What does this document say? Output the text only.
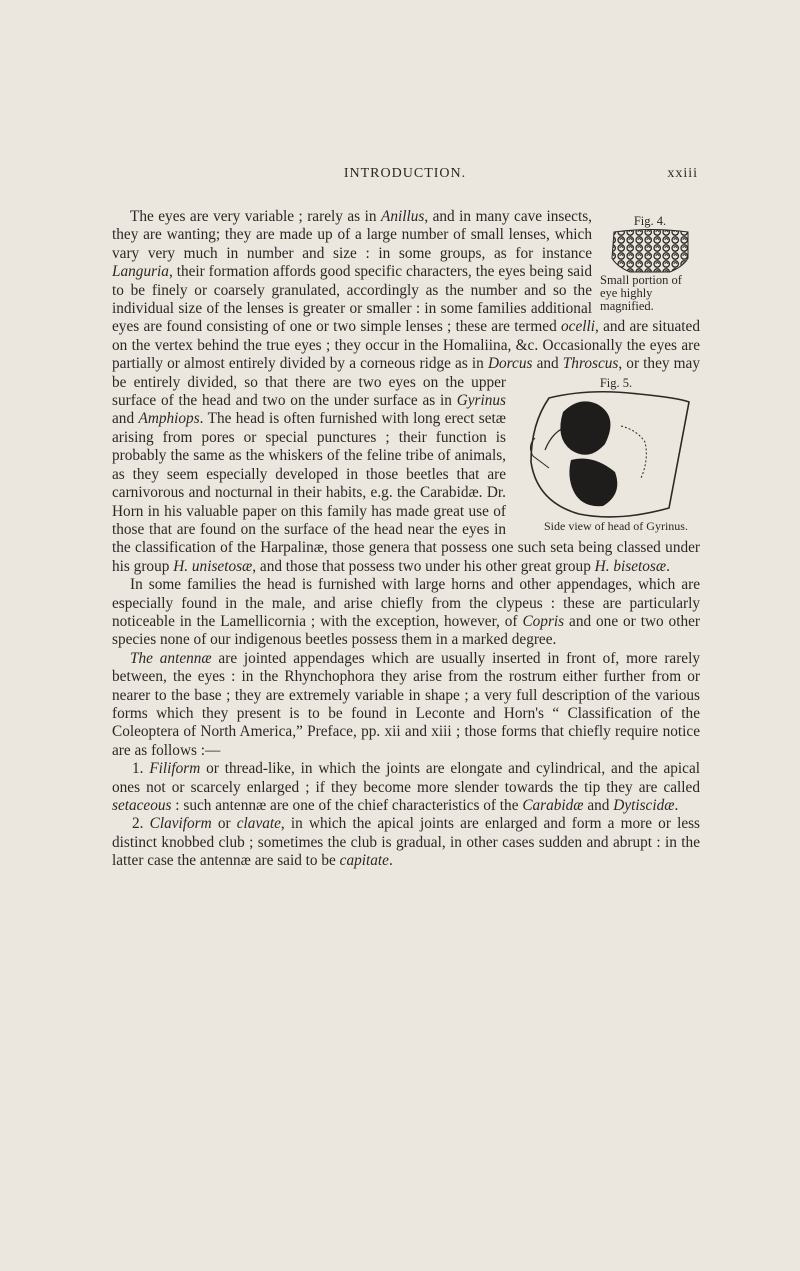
INTRODUCTION.	xxiii
Fig. 4.
Small portion of eye highly magnified.

The eyes are very variable ; rarely as in Anillus, and in many cave insects, they are wanting; they are made up of a large number of small lenses, which vary very much in number and size : in some groups, as for instance Languria, their formation affords good specific characters, the eyes being said to be finely or coarsely granulated, accordingly as the number and so the individual size of the lenses is greater or smaller : in some families additional eyes are found consisting of one or two simple lenses ; these are termed ocelli, and are situated on the vertex behind the true eyes ; they occur in the Homaliina, &c. Occasionally the eyes are partially or almost entirely divided by a corneous ridge as in Dorcus and Throscus
Fig. 5.
Side view of head of Gyrinus.
, or they may be entirely divided, so that there are two eyes on the upper surface of the head and two on the under surface as in Gyrinus and Amphiops. The head is often furnished with long erect setæ arising from pores or special punctures ; their function is probably the same as the whiskers of the feline tribe of animals, as they seem especially developed in those beetles that are carnivorous and nocturnal in their habits, e.g. the Carabidæ. Dr. Horn in his valuable paper on this family has made great use of those that are found on the surface of the head near the eyes in the classification of the Harpalinæ, those genera that possess one such seta being classed under his group H. unisetosæ, and those that possess two under his other great group H. bisetosæ.

In some families the head is furnished with large horns and other appendages, which are especially found in the male, and arise chiefly from the clypeus : these are particularly noticeable in the Lamellicornia ; with the exception, however, of Copris and one or two other species none of our indigenous beetles possess them in a marked degree.

The antennæ are jointed appendages which are usually inserted in front of, more rarely between, the eyes : in the Rhynchophora they arise from the rostrum either further from or nearer to the base ; they are extremely variable in shape ; a very full description of the various forms which they present is to be found in Leconte and Horn's “ Classification of the Coleoptera of North America,” Preface, pp. xii and xiii ; those forms that chiefly require notice are as follows :—

1. Filiform or thread-like, in which the joints are elongate and cylindrical, and the apical ones not or scarcely enlarged ; if they become more slender towards the tip they are called setaceous : such antennæ are one of the chief characteristics of the Carabidæ and Dytiscidæ.

2. Claviform or clavate, in which the apical joints are enlarged and form a more or less distinct knobbed club ; sometimes the club is gradual, in other cases sudden and abrupt : in the latter case the antennæ are said to be capitate.
